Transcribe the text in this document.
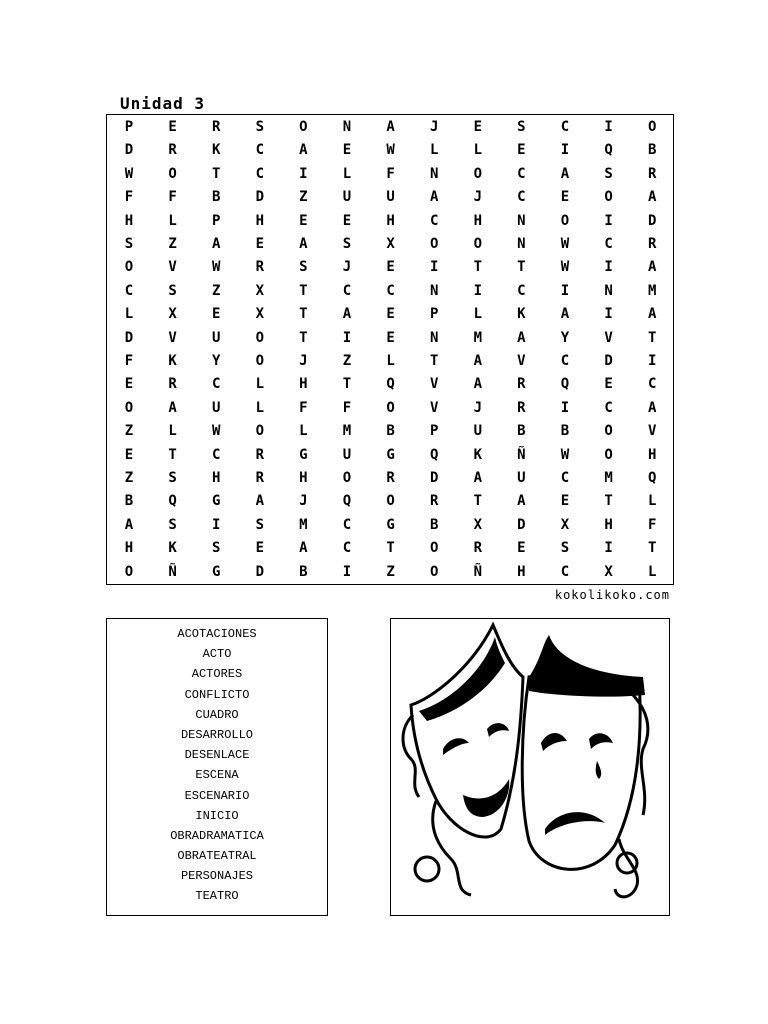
Unidad 3
P	E	R	S	O	N	A	J	E	S	C	I	O
D	R	K	C	A	E	W	L	L	E	I	Q	B
W	O	T	C	I	L	F	N	O	C	A	S	R
F	F	B	D	Z	U	U	A	J	C	E	O	A
H	L	P	H	E	E	H	C	H	N	O	I	D
S	Z	A	E	A	S	X	O	O	N	W	C	R
O	V	W	R	S	J	E	I	T	T	W	I	A
C	S	Z	X	T	C	C	N	I	C	I	N	M
L	X	E	X	T	A	E	P	L	K	A	I	A
D	V	U	O	T	I	E	N	M	A	Y	V	T
F	K	Y	O	J	Z	L	T	A	V	C	D	I
E	R	C	L	H	T	Q	V	A	R	Q	E	C
O	A	U	L	F	F	O	V	J	R	I	C	A
Z	L	W	O	L	M	B	P	U	B	B	O	V
E	T	C	R	G	U	G	Q	K	Ñ	W	O	H
Z	S	H	R	H	O	R	D	A	U	C	M	Q
B	Q	G	A	J	Q	O	R	T	A	E	T	L
A	S	I	S	M	C	G	B	X	D	X	H	F
H	K	S	E	A	C	T	O	R	E	S	I	T
O	Ñ	G	D	B	I	Z	O	Ñ	H	C	X	L
kokolikoko.com
ACOTACIONES
ACTO
ACTORES
CONFLICTO
CUADRO
DESARROLLO
DESENLACE
ESCENA
ESCENARIO
INICIO
OBRADRAMATICA
OBRATEATRAL
PERSONAJES
TEATRO
